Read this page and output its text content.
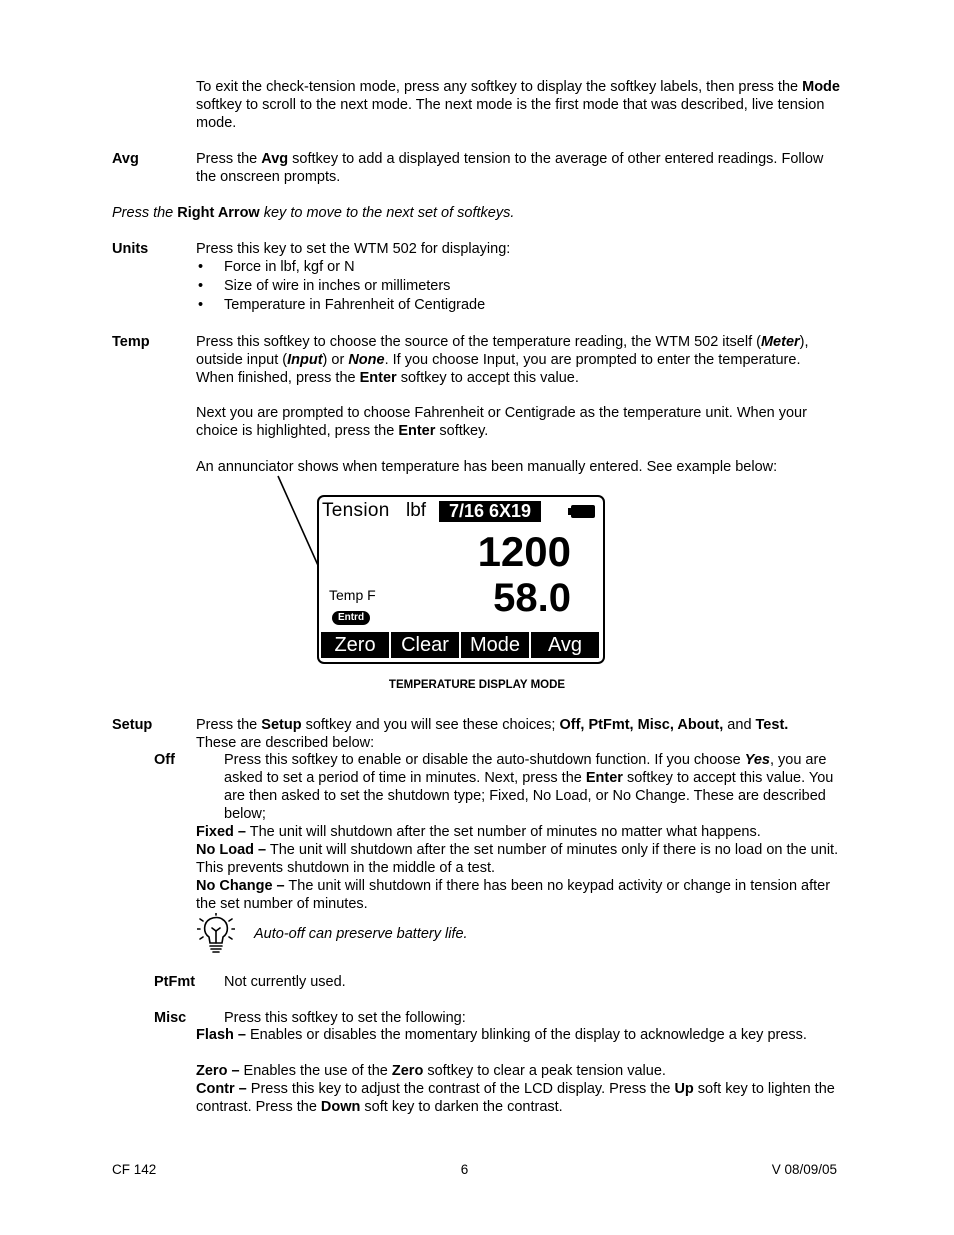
To exit the check-tension mode, press any softkey to display the softkey labels, then press the Mode softkey to scroll to the next mode. The next mode is the first mode that was described, live tension mode.

Avg	Press the Avg softkey to add a displayed tension to the average of other entered readings. Follow the onscreen prompts.

Press the Right Arrow key to move to the next set of softkeys.

Units	Press this key to set the WTM 502 for displaying:

• Force in lbf, kgf or N
• Size of wire in inches or millimeters
• Temperature in Fahrenheit of Centigrade
Temp	Press this softkey to choose the source of the temperature reading, the WTM 502 itself (Meter), outside input (Input) or None. If you choose Input, you are prompted to enter the temperature. When finished, press the Enter softkey to accept this value.

Next you are prompted to choose Fahrenheit or Centigrade as the temperature unit. When your choice is highlighted, press the Enter softkey.

An annunciator shows when temperature has been manually entered. See example below:

Tension lbf	7/16 6X19
1200
Temp F	58.0
Entrd
Zero	Clear	Mode	Avg
TEMPERATURE DISPLAY MODE
Setup	Press the Setup softkey and you will see these choices; Off, PtFmt, Misc, About, and Test.
These are described below:

Off	Press this softkey to enable or disable the auto-shutdown function. If you choose Yes, you are asked to set a period of time in minutes. Next, press the Enter softkey to accept this value. You are then asked to set the shutdown type; Fixed, No Load, or No Change. These are described below;

Fixed – The unit will shutdown after the set number of minutes no matter what happens.

No Load – The unit will shutdown after the set number of minutes only if there is no load on the unit. This prevents shutdown in the middle of a test.

No Change – The unit will shutdown if there has been no keypad activity or change in tension after the set number of minutes.

Auto-off can preserve battery life.

PtFmt Not currently used.

Misc	Press this softkey to set the following:

Flash – Enables or disables the momentary blinking of the display to acknowledge a key press.

Zero – Enables the use of the Zero softkey to clear a peak tension value.

Contr – Press this key to adjust the contrast of the LCD display. Press the Up soft key to lighten the contrast. Press the Down soft key to darken the contrast.

CF 142	6	V 08/09/05
